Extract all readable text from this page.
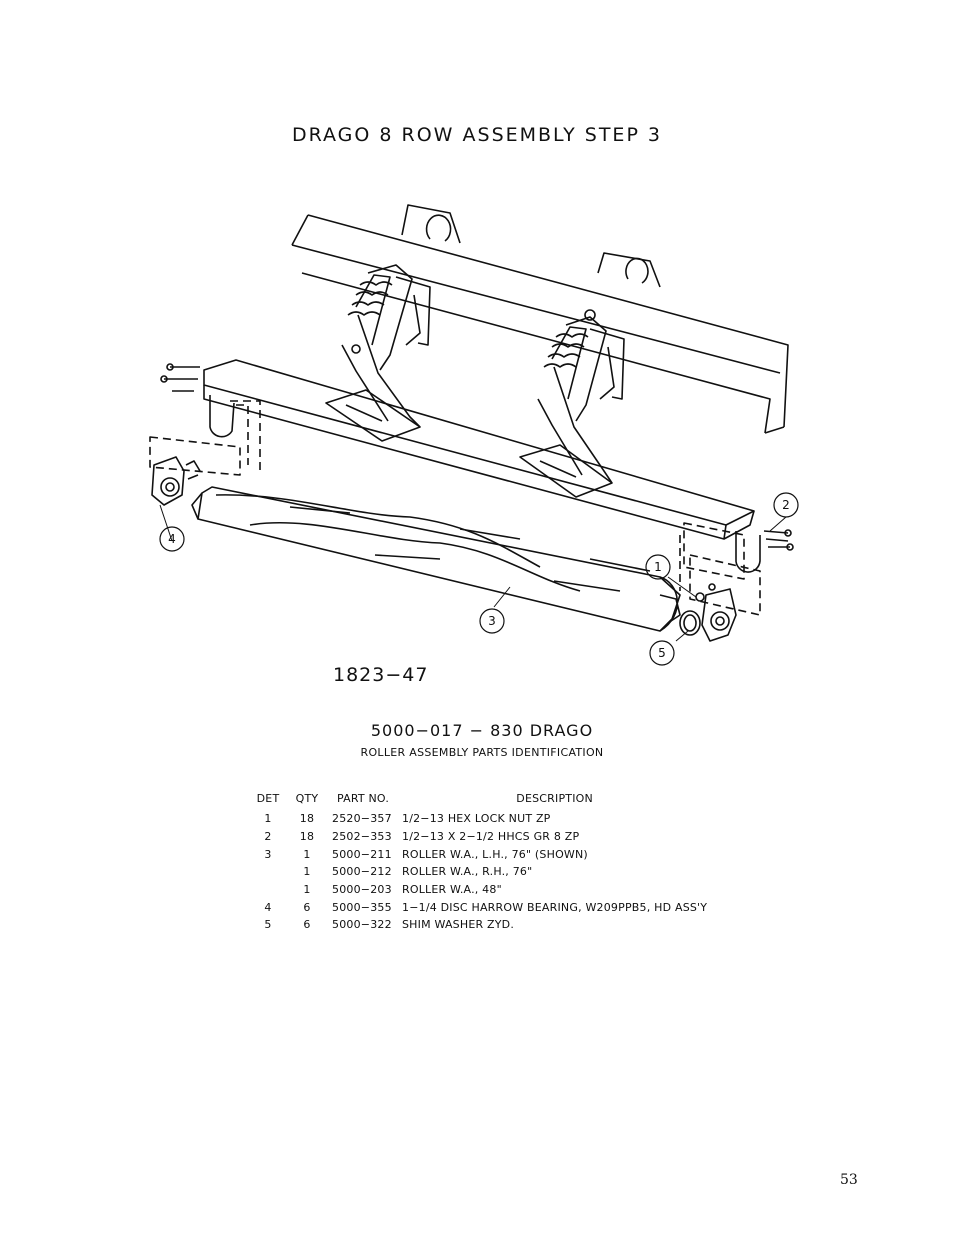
DRAGO 8 ROW ASSEMBLY STEP 3
4
2
1
3
5
1823−47
5000−017 − 830 DRAGO
ROLLER ASSEMBLY PARTS IDENTIFICATION
DET	QTY	PART NO.	DESCRIPTION
1	18	2520−357	1/2−13 HEX LOCK NUT ZP
2	18	2502−353	1/2−13 X 2−1/2 HHCS GR 8 ZP
3	1	5000−211	ROLLER W.A., L.H., 76" (SHOWN)
	1	5000−212	ROLLER W.A., R.H., 76"
	1	5000−203	ROLLER W.A., 48"
4	6	5000−355	1−1/4 DISC HARROW BEARING, W209PPB5, HD ASS'Y
5	6	5000−322	SHIM WASHER ZYD.
53
